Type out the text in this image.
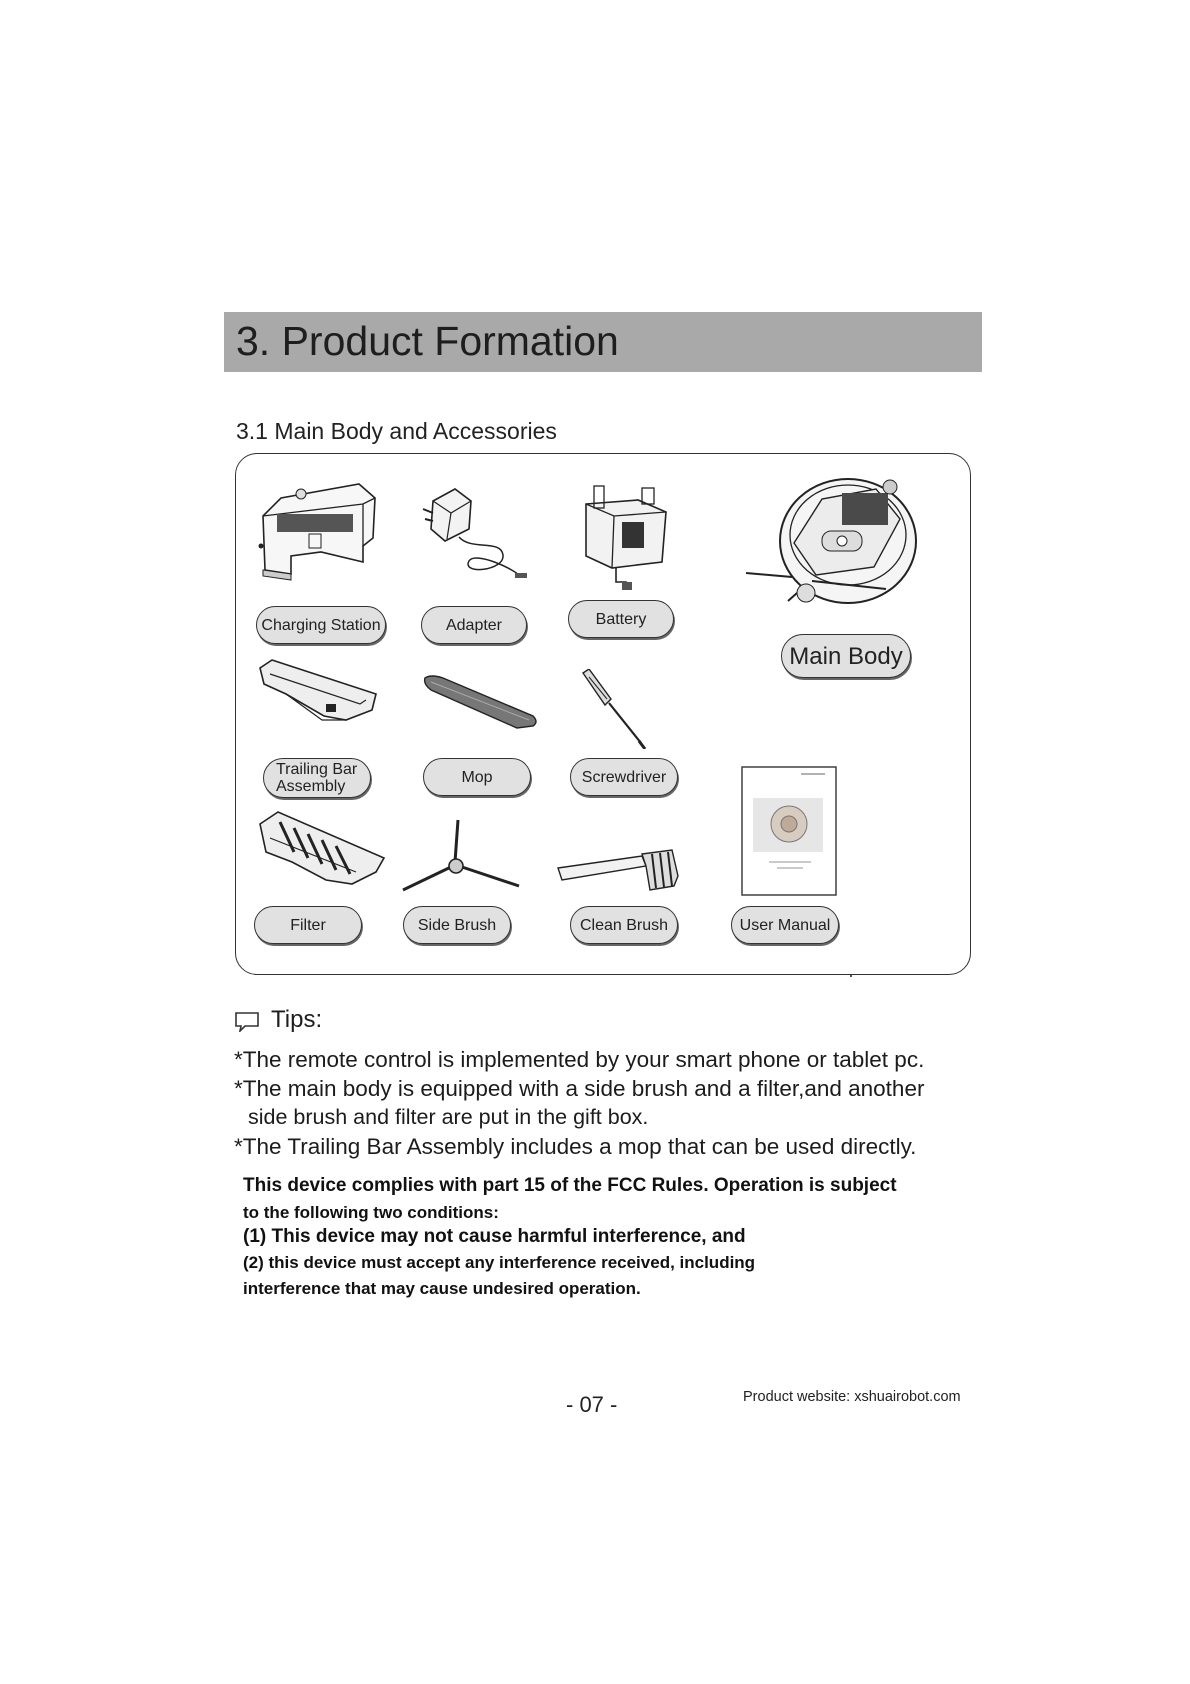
3. Product Formation
3.1 Main Body and Accessories
Charging Station	Adapter	Battery
Main Body
Trailing Bar
Assembly
Mop	Screwdriver
Filter	Side Brush	Clean Brush	User Manual
Tips:
*The remote control is implemented by your smart phone or tablet pc.
*The main body is equipped with a side brush and a filter,and another
side brush and filter are put in the gift box.
*The Trailing Bar Assembly includes a mop that can be used directly.
This device complies with part 15 of the FCC Rules. Operation is subject
to the following two conditions:
(1) This device may not cause harmful interference, and
(2) this device must accept any interference received, including
interference that may cause undesired operation.
- 07 -	Product website: xshuairobot.com
